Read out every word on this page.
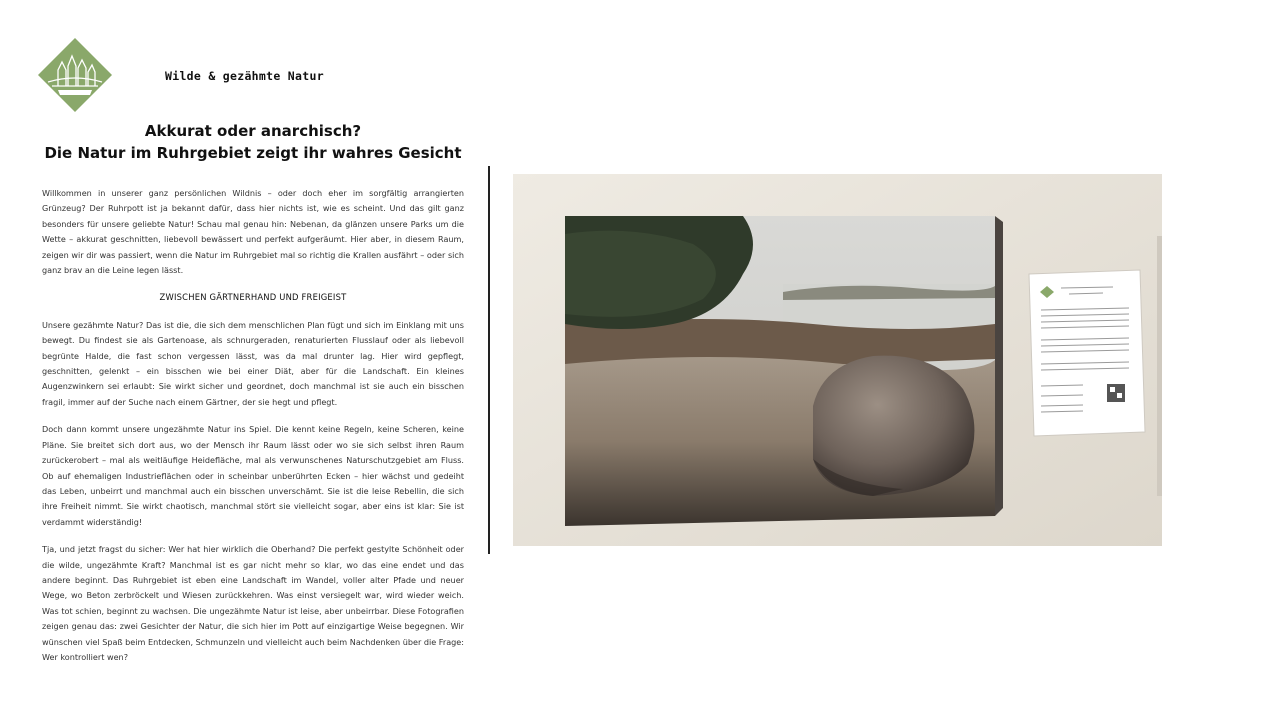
Wilde & gezähmte Natur
Akkurat oder anarchisch?
Die Natur im Ruhrgebiet zeigt ihr wahres Gesicht

Willkommen in unserer ganz persönlichen Wildnis – oder doch eher im sorgfältig arrangierten Grünzeug? Der Ruhrpott ist ja bekannt dafür, dass hier nichts ist, wie es scheint. Und das gilt ganz besonders für unsere geliebte Natur! Schau mal genau hin: Nebenan, da glänzen unsere Parks um die Wette – akkurat geschnitten, liebevoll bewässert und perfekt aufgeräumt. Hier aber, in diesem Raum, zeigen wir dir was passiert, wenn die Natur im Ruhrgebiet mal so richtig die Krallen ausfährt – oder sich ganz brav an die Leine legen lässt.

ZWISCHEN GÄRTNERHAND UND FREIGEIST

Unsere gezähmte Natur? Das ist die, die sich dem menschlichen Plan fügt und sich im Einklang mit uns bewegt. Du findest sie als Gartenoase, als schnurgeraden, renaturierten Flusslauf oder als liebevoll begrünte Halde, die fast schon vergessen lässt, was da mal drunter lag. Hier wird gepflegt, geschnitten, gelenkt – ein bisschen wie bei einer Diät, aber für die Landschaft. Ein kleines Augenzwinkern sei erlaubt: Sie wirkt sicher und geordnet, doch manchmal ist sie auch ein bisschen fragil, immer auf der Suche nach einem Gärtner, der sie hegt und pflegt.

Doch dann kommt unsere ungezähmte Natur ins Spiel. Die kennt keine Regeln, keine Scheren, keine Pläne. Sie breitet sich dort aus, wo der Mensch ihr Raum lässt oder wo sie sich selbst ihren Raum zurückerobert – mal als weitläufige Heidefläche, mal als verwunschenes Naturschutzgebiet am Fluss. Ob auf ehemaligen Industrieflächen oder in scheinbar unberührten Ecken – hier wächst und gedeiht das Leben, unbeirrt und manchmal auch ein bisschen unverschämt. Sie ist die leise Rebellin, die sich ihre Freiheit nimmt. Sie wirkt chaotisch, manchmal stört sie vielleicht sogar, aber eins ist klar: Sie ist verdammt widerständig!

Tja, und jetzt fragst du sicher: Wer hat hier wirklich die Oberhand? Die perfekt gestylte Schönheit oder die wilde, ungezähmte Kraft? Manchmal ist es gar nicht mehr so klar, wo das eine endet und das andere beginnt. Das Ruhrgebiet ist eben eine Landschaft im Wandel, voller alter Pfade und neuer Wege, wo Beton zerbröckelt und Wiesen zurückkehren. Was einst versiegelt war, wird wieder weich. Was tot schien, beginnt zu wachsen. Die ungezähmte Natur ist leise, aber unbeirrbar. Diese Fotografien zeigen genau das: zwei Gesichter der Natur, die sich hier im Pott auf einzigartige Weise begegnen. Wir wünschen viel Spaß beim Entdecken, Schmunzeln und vielleicht auch beim Nachdenken über die Frage: Wer kontrolliert wen?
